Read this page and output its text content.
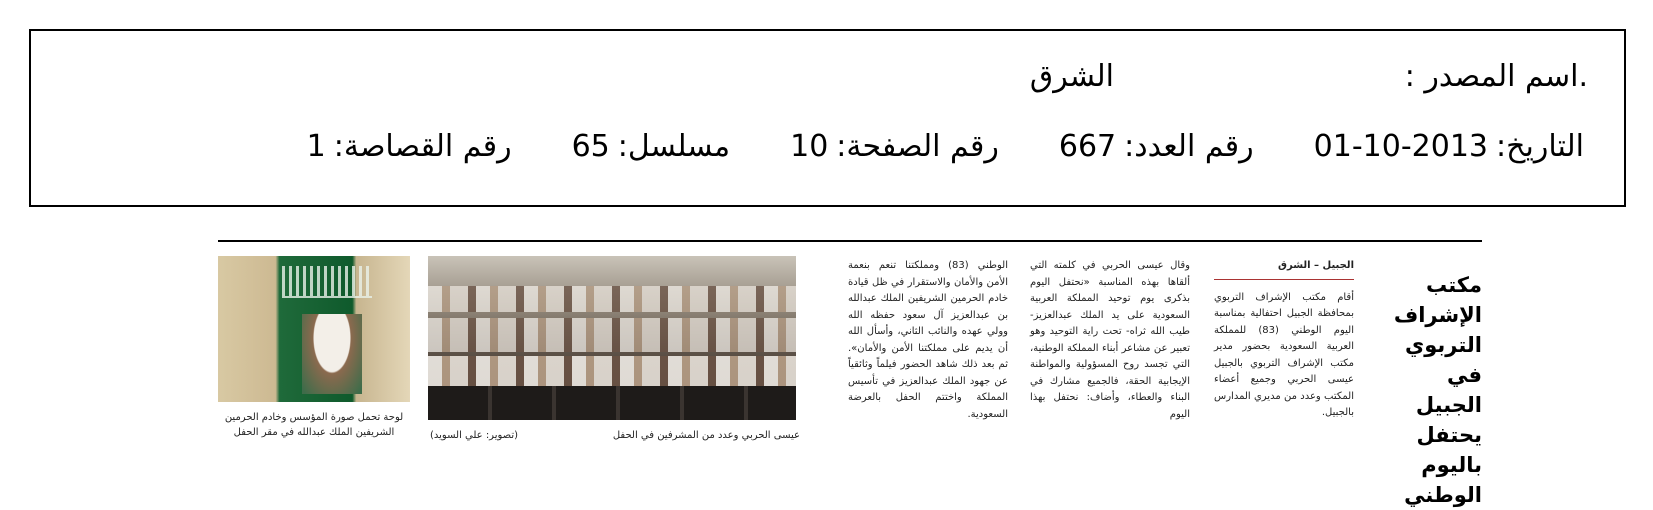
.اسم المصدر :
الشرق
التاريخ:2013-10-01
رقم العدد:667
رقم الصفحة:10
مسلسل:65
رقم القصاصة:1
مكتب الإشراف التربوي في الجبيل يحتفل باليوم الوطني
الجبيل – الشرق
أقام مكتب الإشراف التربوي بمحافظة الجبيل احتفالية بمناسبة اليوم الوطني (83) للمملكة العربية السعودية بحضور مدير مكتب الإشراف التربوي بالجبيل عيسى الحربي وجميع أعضاء المكتب وعدد من مديري المدارس بالجبيل.
وقال عيسى الحربي في كلمته التي ألقاها بهذه المناسبة «نحتفل اليوم بذكرى يوم توحيد المملكة العربية السعودية على يد الملك عبدالعزيز- طيب الله ثراه- تحت راية التوحيد وهو تعبير عن مشاعر أبناء المملكة الوطنية، التي تجسد روح المسؤولية والمواطنة الإيجابية الحقة، فالجميع مشارك في البناء والعطاء، وأضاف: نحتفل بهذا اليوم
الوطني (83) ومملكتنا تنعم بنعمة الأمن والأمان والاستقرار في ظل قيادة خادم الحرمين الشريفين الملك عبدالله بن عبدالعزيز آل سعود حفظه الله وولي عهده والنائب الثاني، وأسأل الله أن يديم على مملكتنا الأمن والأمان». ثم بعد ذلك شاهد الحضور فيلماً وثائقياً عن جهود الملك عبدالعزيز في تأسيس المملكة واختتم الحفل بالعرضة السعودية.
عيسى الحربي وعدد من المشرفين في الحفل
(تصوير: علي السويد)
لوحة تحمل صورة المؤسس وخادم الحرمين الشريفين الملك عبدالله في مقر الحفل
